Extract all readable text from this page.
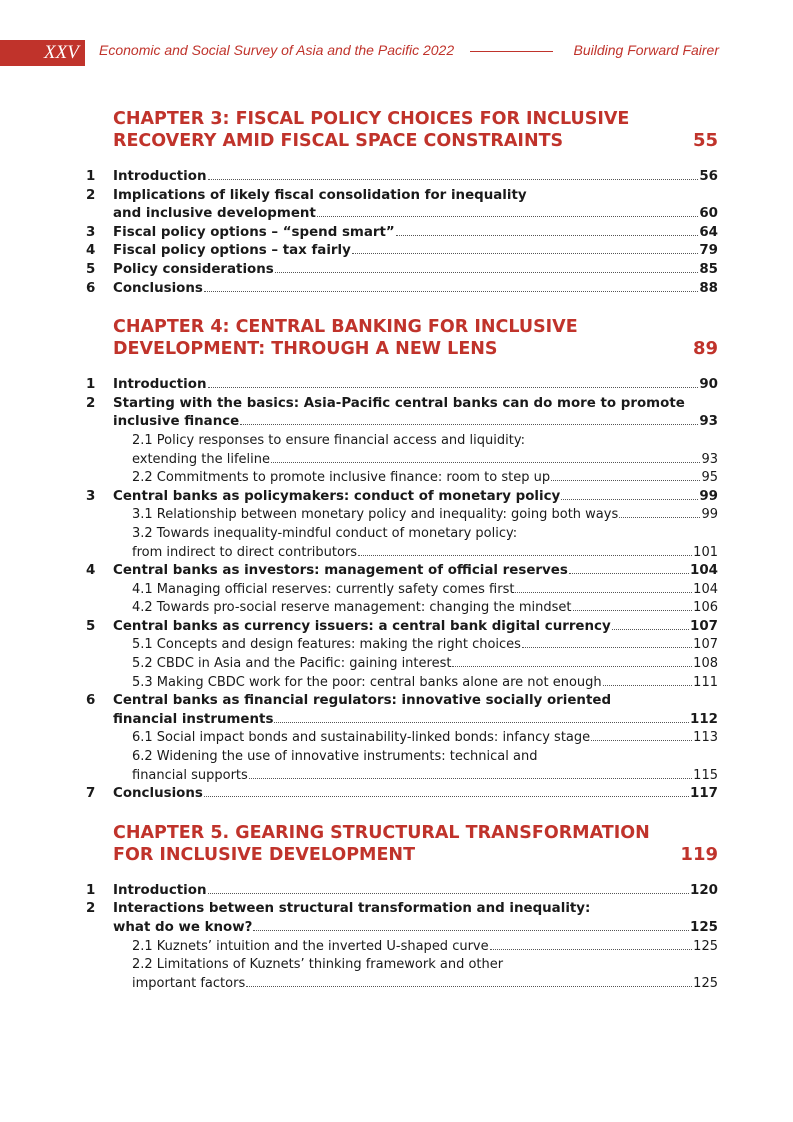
XXV Economic and Social Survey of Asia and the Pacific 2022	Building Forward Fairer
CHAPTER 3: FISCAL POLICY CHOICES FOR INCLUSIVE
RECOVERY AMID FISCAL SPACE CONSTRAINTS	55
1	Introduction	56
2	Implications of likely fiscal consolidation for inequality
and inclusive development	60
3	Fiscal policy options – “spend smart”	64
4	Fiscal policy options – tax fairly	79
5	Policy considerations	85
6	Conclusions	88
CHAPTER 4: CENTRAL BANKING FOR INCLUSIVE
DEVELOPMENT: THROUGH A NEW LENS	89
1	Introduction	90
2	Starting with the basics: Asia-Pacific central banks can do more to promote
inclusive finance	93
2.1 Policy responses to ensure financial access and liquidity:
extending the lifeline	93
2.2 Commitments to promote inclusive finance: room to step up	95
3	Central banks as policymakers: conduct of monetary policy	99
3.1 Relationship between monetary policy and inequality: going both ways	99
3.2 Towards inequality-mindful conduct of monetary policy:
from indirect to direct contributors	101
4	Central banks as investors: management of official reserves	104
4.1 Managing official reserves: currently safety comes first	104
4.2 Towards pro-social reserve management: changing the mindset	106
5	Central banks as currency issuers: a central bank digital currency	107
5.1 Concepts and design features: making the right choices	107
5.2 CBDC in Asia and the Pacific: gaining interest	108
5.3 Making CBDC work for the poor: central banks alone are not enough	111
6	Central banks as financial regulators: innovative socially oriented
financial instruments	112
6.1 Social impact bonds and sustainability-linked bonds: infancy stage	113
6.2 Widening the use of innovative instruments: technical and
financial supports	115
7	Conclusions	117
CHAPTER 5. GEARING STRUCTURAL TRANSFORMATION
FOR INCLUSIVE DEVELOPMENT	119
1	Introduction	120
2	Interactions between structural transformation and inequality:
what do we know?	125
2.1 Kuznets’ intuition and the inverted U-shaped curve	125
2.2 Limitations of Kuznets’ thinking framework and other
important factors	125
